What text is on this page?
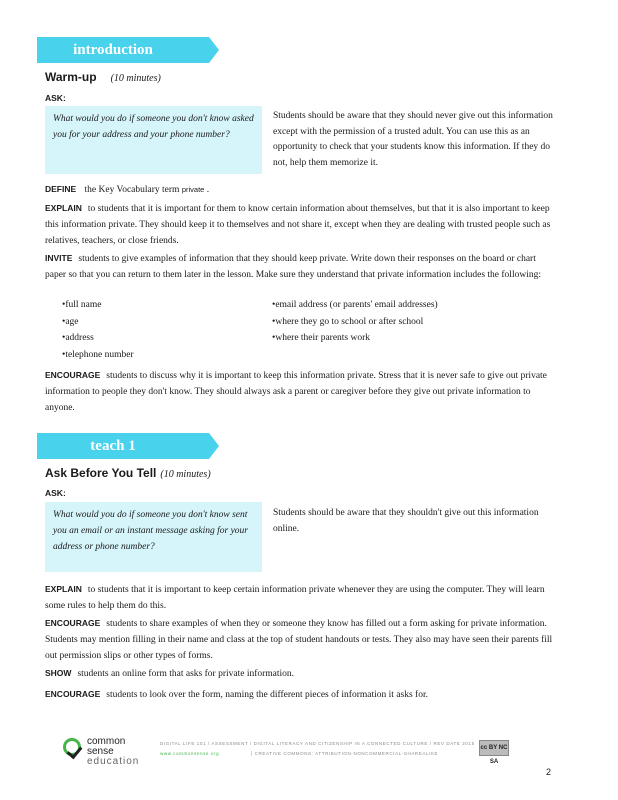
introduction
Warm-up (10 minutes)
ASK:
What would you do if someone you don't know asked you for your address and your phone number?
Students should be aware that they should never give out this information except with the permission of a trusted adult. You can use this as an opportunity to check that your students know this information. If they do not, help them memorize it.
DEFINE the Key Vocabulary term private .
EXPLAIN to students that it is important for them to know certain information about themselves, but that it is also important to keep this information private. They should keep it to themselves and not share it, except when they are dealing with trusted people such as relatives, teachers, or close friends.
INVITE students to give examples of information that they should keep private. Write down their responses on the board or chart paper so that you can return to them later in the lesson. Make sure they understand that private information includes the following:
• full name
• age
• address
• telephone number
• email address (or parents' email addresses)
• where they go to school or after school
• where their parents work
ENCOURAGE students to discuss why it is important to keep this information private. Stress that it is never safe to give out private information to people they don't know. They should always ask a parent or caregiver before they give out private information to anyone.
teach 1
Ask Before You Tell (10 minutes)
ASK:
What would you do if someone you don't know sent you an email or an instant message asking for your address or phone number?
Students should be aware that they shouldn't give out this information online.
EXPLAIN to students that it is important to keep certain information private whenever they are using the computer. They will learn some rules to help them do this.
ENCOURAGE students to share examples of when they or someone they know has filled out a form asking for private information. Students may mention filling in their name and class at the top of student handouts or tests. They also may have seen their parents fill out permission slips or other types of forms.
SHOW students an online form that asks for private information.
ENCOURAGE students to look over the form, naming the different pieces of information it asks for.
common
sense
education
DIGITAL LIFE 101 / ASSESSMENT / DIGITAL LITERACY AND CITIZENSHIP IN A CONNECTED CULTURE / REV DATE 2015
www.commonsense.org	| CREATIVE COMMONS: ATTRIBUTION-NONCOMMERCIAL-SHAREALIKE
cc BY NC SA
2
